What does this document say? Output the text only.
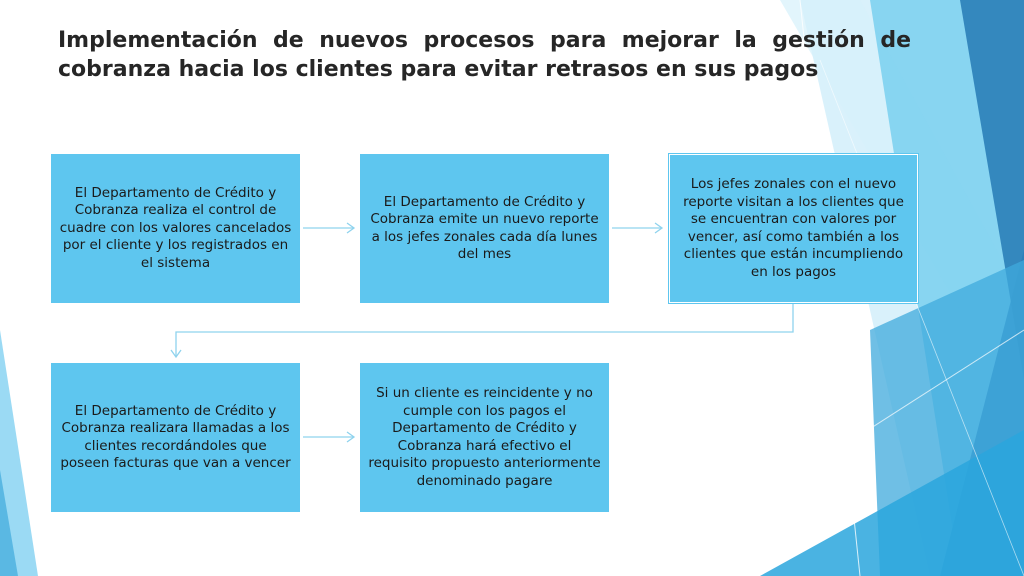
Implementación de nuevos procesos para mejorar la gestión de
cobranza hacia los clientes para evitar retrasos en sus pagos
El Departamento de Crédito y Cobranza realiza el control de cuadre con los valores cancelados por el cliente y los registrados en el sistema
El Departamento de Crédito y Cobranza emite un nuevo reporte a los jefes zonales cada día lunes del mes
Los jefes zonales con el nuevo reporte visitan a los clientes que se encuentran con valores por vencer, así como también a los clientes que están incumpliendo en los pagos
El Departamento de Crédito y Cobranza realizara llamadas a los clientes recordándoles que poseen facturas que van a vencer
Si un cliente es reincidente y no cumple con los pagos el Departamento de Crédito y Cobranza hará efectivo el requisito propuesto anteriormente denominado pagare
